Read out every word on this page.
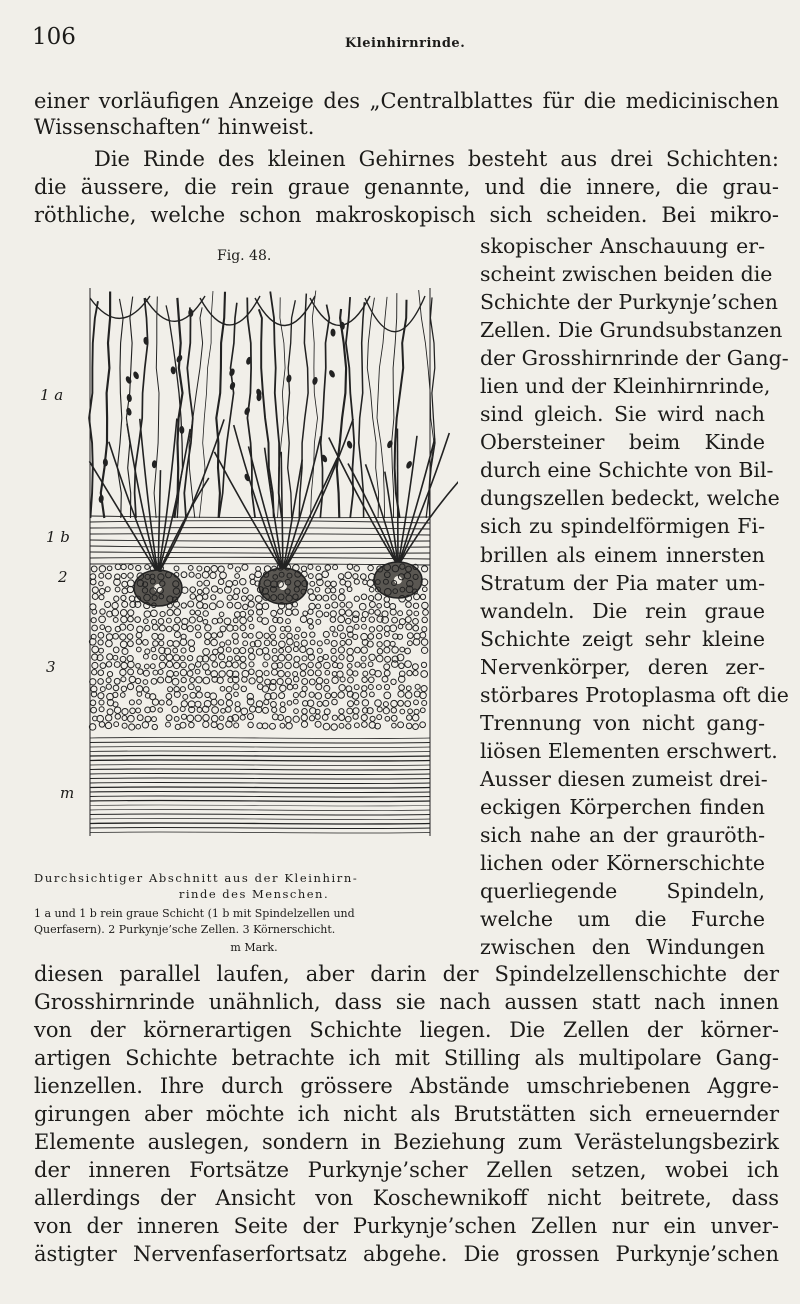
106	Kleinhirnrinde.
einer vorläufigen Anzeige des „Centralblattes für die medicinischen
Wissenschaften“ hinweist.
Die Rinde des kleinen Gehirnes besteht aus drei Schichten:
die äussere, die rein graue genannte, und die innere, die grau-
röthliche, welche schon makroskopisch sich scheiden. Bei mikro-
Fig. 48.
1 a
1 b
2
3
m
skopischer Anschauung er-
scheint zwischen beiden die
Schichte der Purkynje’schen
Zellen. Die Grundsubstanzen
der Grosshirnrinde der Gang-
lien und der Kleinhirnrinde,
sind gleich. Sie wird nach
Obersteiner beim Kinde
durch eine Schichte von Bil-
dungszellen bedeckt, welche
sich zu spindelförmigen Fi-
brillen als einem innersten
Stratum der Pia mater um-
wandeln. Die rein graue
Schichte zeigt sehr kleine
Nervenkörper, deren zer-
störbares Protoplasma oft die
Trennung von nicht gang-
liösen Elementen erschwert.
Ausser diesen zumeist drei-
eckigen Körperchen finden
sich nahe an der grauröth-
lichen oder Körnerschichte
querliegende Spindeln,
welche um die Furche
zwischen den Windungen
Durchsichtiger Abschnitt aus der Kleinhirn-
rinde des Menschen.
1 a und 1 b rein graue Schicht (1 b mit Spindelzellen und
Querfasern). 2 Purkynje’sche Zellen. 3 Körnerschicht.
m Mark.
diesen parallel laufen, aber darin der Spindelzellenschichte der
Grosshirnrinde unähnlich, dass sie nach aussen statt nach innen
von der körnerartigen Schichte liegen. Die Zellen der körner-
artigen Schichte betrachte ich mit Stilling als multipolare Gang-
lienzellen. Ihre durch grössere Abstände umschriebenen Aggre-
girungen aber möchte ich nicht als Brutstätten sich erneuernder
Elemente auslegen, sondern in Beziehung zum Verästelungsbezirk
der inneren Fortsätze Purkynje’scher Zellen setzen, wobei ich
allerdings der Ansicht von Koschewnikoff nicht beitrete, dass
von der inneren Seite der Purkynje’schen Zellen nur ein unver-
ästigter Nervenfaserfortsatz abgehe. Die grossen Purkynje’schen
